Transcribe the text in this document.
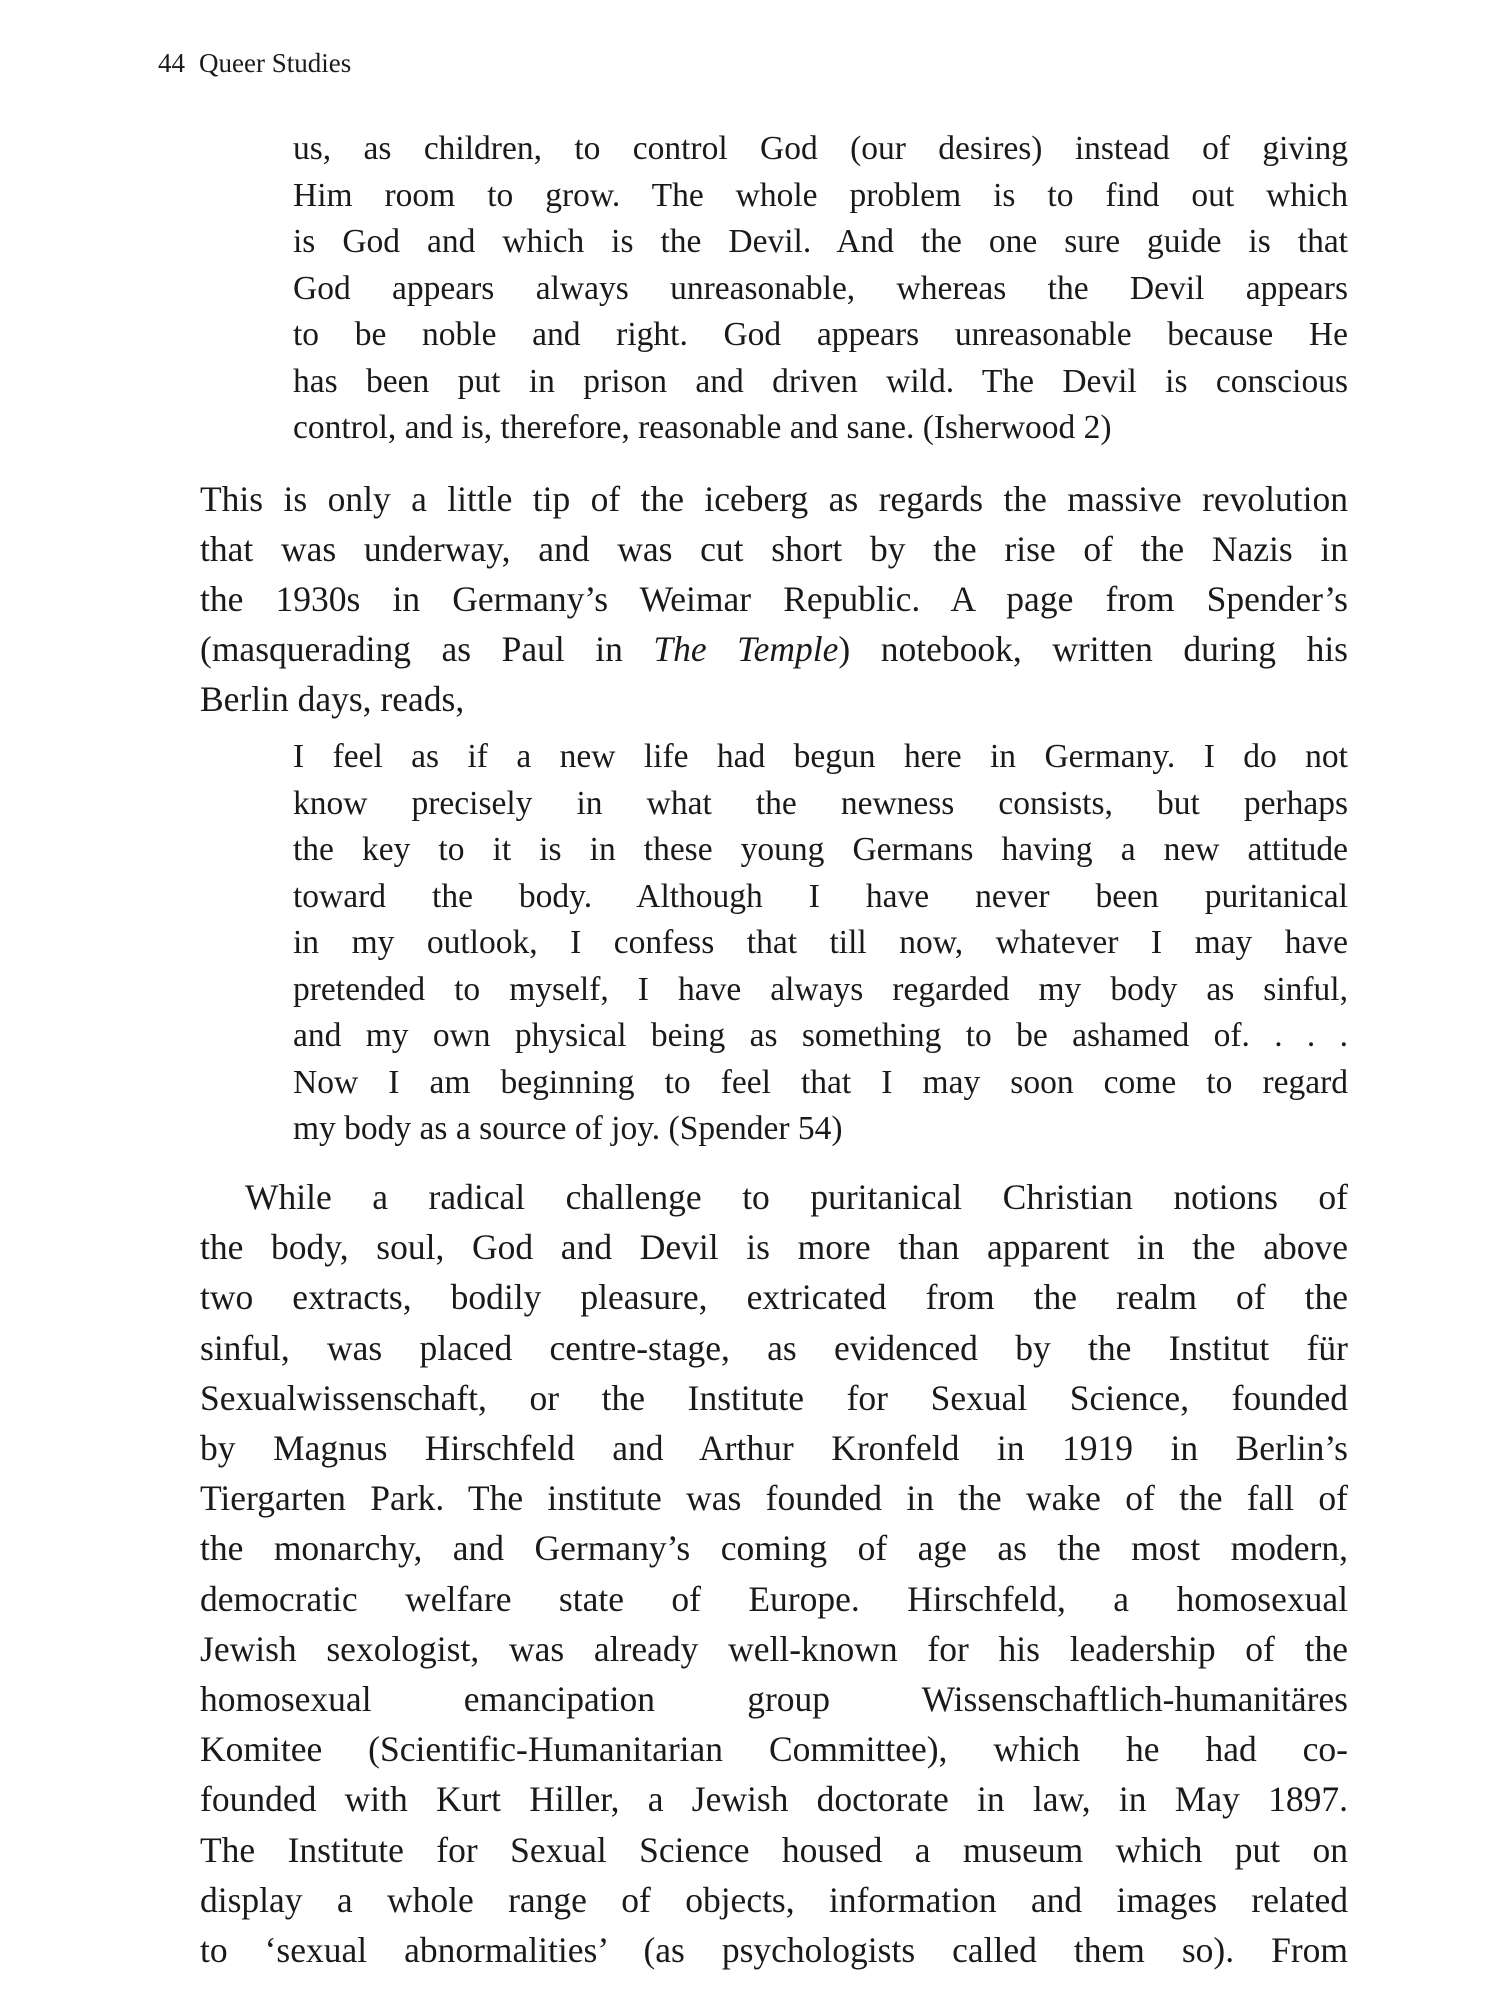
44 Queer Studies
us, as children, to control God (our desires) instead of giving
Him room to grow. The whole problem is to find out which
is God and which is the Devil. And the one sure guide is that
God appears always unreasonable, whereas the Devil appears
to be noble and right. God appears unreasonable because He
has been put in prison and driven wild. The Devil is conscious
control, and is, therefore, reasonable and sane. (Isherwood 2)
This is only a little tip of the iceberg as regards the massive revolution
that was underway, and was cut short by the rise of the Nazis in
the 1930s in Germany’s Weimar Republic. A page from Spender’s
(masquerading as Paul in The Temple) notebook, written during his
Berlin days, reads,
I feel as if a new life had begun here in Germany. I do not
know precisely in what the newness consists, but perhaps
the key to it is in these young Germans having a new attitude
toward the body. Although I have never been puritanical
in my outlook, I confess that till now, whatever I may have
pretended to myself, I have always regarded my body as sinful,
and my own physical being as something to be ashamed of. . . .
Now I am beginning to feel that I may soon come to regard
my body as a source of joy. (Spender 54)
While a radical challenge to puritanical Christian notions of
the body, soul, God and Devil is more than apparent in the above
two extracts, bodily pleasure, extricated from the realm of the
sinful, was placed centre-stage, as evidenced by the Institut für
Sexualwissenschaft, or the Institute for Sexual Science, founded
by Magnus Hirschfeld and Arthur Kronfeld in 1919 in Berlin’s
Tiergarten Park. The institute was founded in the wake of the fall of
the monarchy, and Germany’s coming of age as the most modern,
democratic welfare state of Europe. Hirschfeld, a homosexual
Jewish sexologist, was already well-known for his leadership of the
homosexual emancipation group Wissenschaftlich-humanitäres
Komitee (Scientific-Humanitarian Committee), which he had co-
founded with Kurt Hiller, a Jewish doctorate in law, in May 1897.
The Institute for Sexual Science housed a museum which put on
display a whole range of objects, information and images related
to ‘sexual abnormalities’ (as psychologists called them so). From
